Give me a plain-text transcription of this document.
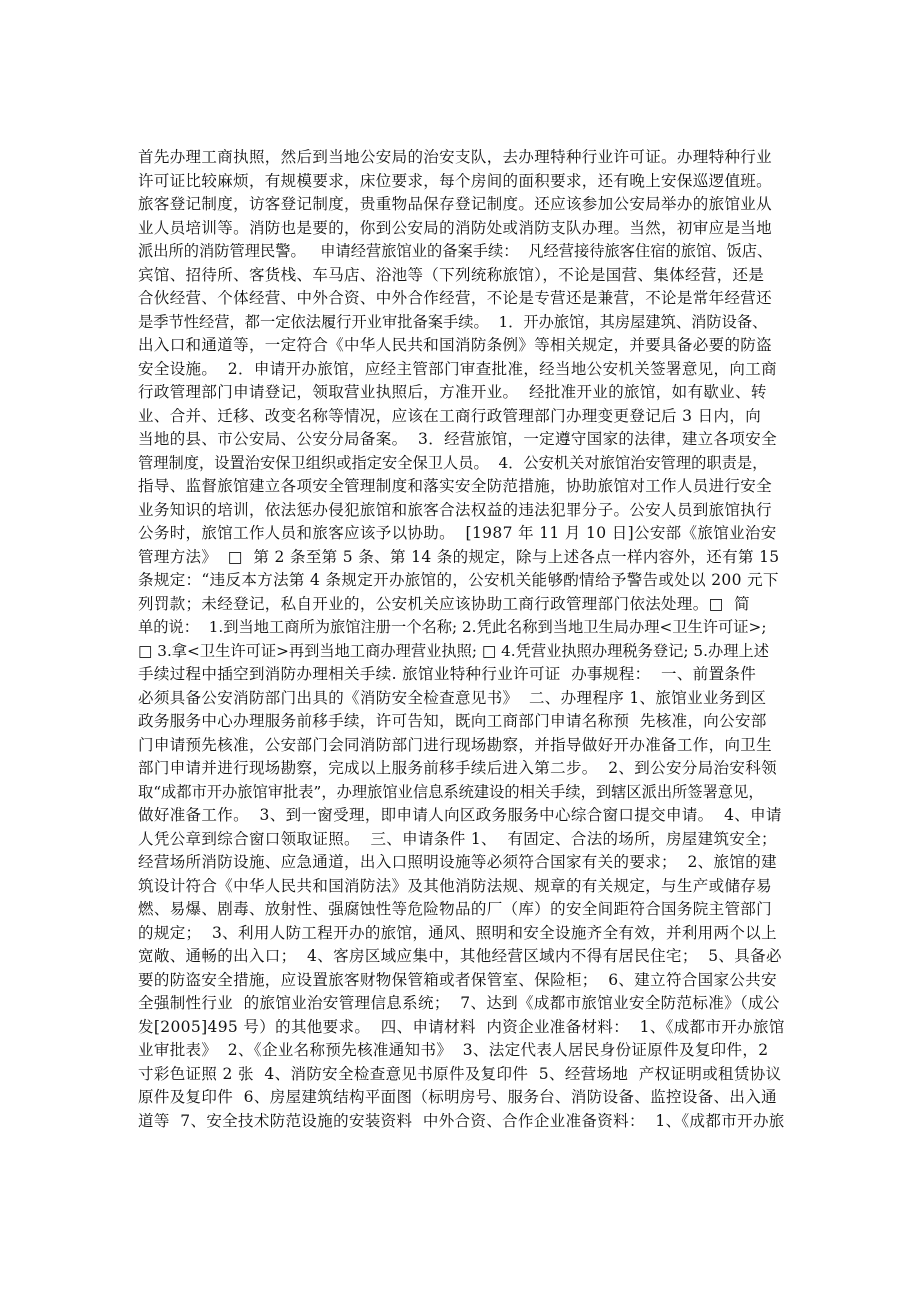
首先办理工商执照，然后到当地公安局的治安支队，去办理特种行业许可证。办理特种行业
许可证比较麻烦，有规模要求，床位要求，每个房间的面积要求，还有晚上安保巡逻值班。
旅客登记制度，访客登记制度，贵重物品保存登记制度。还应该参加公安局举办的旅馆业从
业人员培训等。消防也是要的，你到公安局的消防处或消防支队办理。当然，初审应是当地
派出所的消防管理民警。   申请经营旅馆业的备案手续：  凡经营接待旅客住宿的旅馆、饭店、
宾馆、招待所、客货栈、车马店、浴池等（下列统称旅馆），不论是国营、集体经营，还是
合伙经营、个体经营、中外合资、中外合作经营，不论是专营还是兼营，不论是常年经营还
是季节性经营，都一定依法履行开业审批备案手续。  1．开办旅馆，其房屋建筑、消防设备、
出入口和通道等，一定符合《中华人民共和国消防条例》等相关规定，并要具备必要的防盗
安全设施。  2．申请开办旅馆，应经主管部门审查批准，经当地公安机关签署意见，向工商
行政管理部门申请登记，领取营业执照后，方准开业。  经批准开业的旅馆，如有歇业、转
业、合并、迁移、改变名称等情况，应该在工商行政管理部门办理变更登记后 3 日内，向
当地的县、市公安局、公安分局备案。  3．经营旅馆，一定遵守国家的法律，建立各项安全
管理制度，设置治安保卫组织或指定安全保卫人员。  4．公安机关对旅馆治安管理的职责是，
指导、监督旅馆建立各项安全管理制度和落实安全防范措施，协助旅馆对工作人员进行安全
业务知识的培训，依法惩办侵犯旅馆和旅客合法权益的违法犯罪分子。公安人员到旅馆执行
公务时，旅馆工作人员和旅客应该予以协助。  [1987 年 11 月 10 日]公安部《旅馆业治安
管理方法》  □  第 2 条至第 5 条、第 14 条的规定，除与上述各点一样内容外，还有第 15
条规定：“违反本方法第 4 条规定开办旅馆的，公安机关能够酌情给予警告或处以 200 元下
列罚款；未经登记，私自开业的，公安机关应该协助工商行政管理部门依法处理。□  简
单的说：  1.到当地工商所为旅馆注册一个名称; 2.凭此名称到当地卫生局办理<卫生许可证>;
□ 3.拿<卫生许可证>再到当地工商办理营业执照; □ 4.凭营业执照办理税务登记; 5.办理上述
手续过程中插空到消防办理相关手续. 旅馆业特种行业许可证  办事规程：  一、前置条件
必须具备公安消防部门出具的《消防安全检查意见书》  二、办理程序 1、旅馆业业务到区
政务服务中心办理服务前移手续，许可告知，既向工商部门申请名称预  先核准，向公安部
门申请预先核准，公安部门会同消防部门进行现场勘察，并指导做好开办准备工作，向卫生
部门申请并进行现场勘察，完成以上服务前移手续后进入第二步。  2、到公安分局治安科领
取“成都市开办旅馆审批表”，办理旅馆业信息系统建设的相关手续，到辖区派出所签署意见，
做好准备工作。  3、到一窗受理，即申请人向区政务服务中心综合窗口提交申请。  4、申请
人凭公章到综合窗口领取证照。  三、申请条件 1、  有固定、合法的场所，房屋建筑安全；
经营场所消防设施、应急通道，出入口照明设施等必须符合国家有关的要求；  2、旅馆的建
筑设计符合《中华人民共和国消防法》及其他消防法规、规章的有关规定，与生产或储存易
燃、易爆、剧毒、放射性、强腐蚀性等危险物品的厂（库）的安全间距符合国务院主管部门
的规定；  3、利用人防工程开办的旅馆，通风、照明和安全设施齐全有效，并利用两个以上
宽敞、通畅的出入口；  4、客房区域应集中，其他经营区域内不得有居民住宅；  5、具备必
要的防盗安全措施，应设置旅客财物保管箱或者保管室、保险柜；  6、建立符合国家公共安
全强制性行业  的旅馆业治安管理信息系统；  7、达到《成都市旅馆业安全防范标准》（成公
发[2005]495 号）的其他要求。  四、申请材料  内资企业准备材料：  1、《成都市开办旅馆
业审批表》  2、《企业名称预先核准通知书》  3、法定代表人居民身份证原件及复印件，2
寸彩色证照 2 张  4、消防安全检查意见书原件及复印件  5、经营场地  产权证明或租赁协议
原件及复印件  6、房屋建筑结构平面图（标明房号、服务台、消防设备、监控设备、出入通
道等  7、安全技术防范设施的安装资料  中外合资、合作企业准备资料：  1、《成都市开办旅
